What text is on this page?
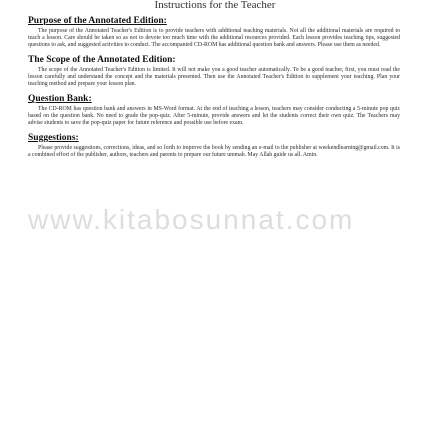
Instructions for the Teacher

Purpose of the Annotated Edition:

The purpose of the Annotated Teacher's Edition is to provide teachers with additional teaching materials. Not all the additional materials are required to teach a lesson. Care should be taken so as not to devote too much time with the additional resources provided. Each lesson provides teaching tips, suggested questions to ask, and suggested activities to conduct. The accompanied CD-ROM has additional question bank and answers. Please use them as needed.

The Scope of the Annotated Edition:

The scope of the Annotated Teacher's Edition is limited. It will not make you a good teacher automatically. To be a good teacher, first, you must read the lesson carefully and understand the concept and the materials presented. Then use the Annotated Teacher's Edition to supplement your teaching. Plan your teaching method and prepare your lesson plan.

Question Bank:

The CD-ROM has question bank and answers in MS-Word format. At the end of teaching a lesson, teachers may consider conducting a 5-minute pop quiz based on the question bank. No need to grade the pop-quiz. After 5-minute, provide answers and let the students correct their own quiz. The Teachers may advise students to save the pop-quiz paper for future reference and possible use before exam.

Suggestions:

Please provide suggestions, corrections, ideas, and so forth to improve the book by sending an e-mail to the publisher at weekendlearning@gmail.com. It is a combined effort of the publisher, authors, teachers and parents to prepare our future ummah. May Allah guide us all. Amin.

www.kitabosunnat.com
